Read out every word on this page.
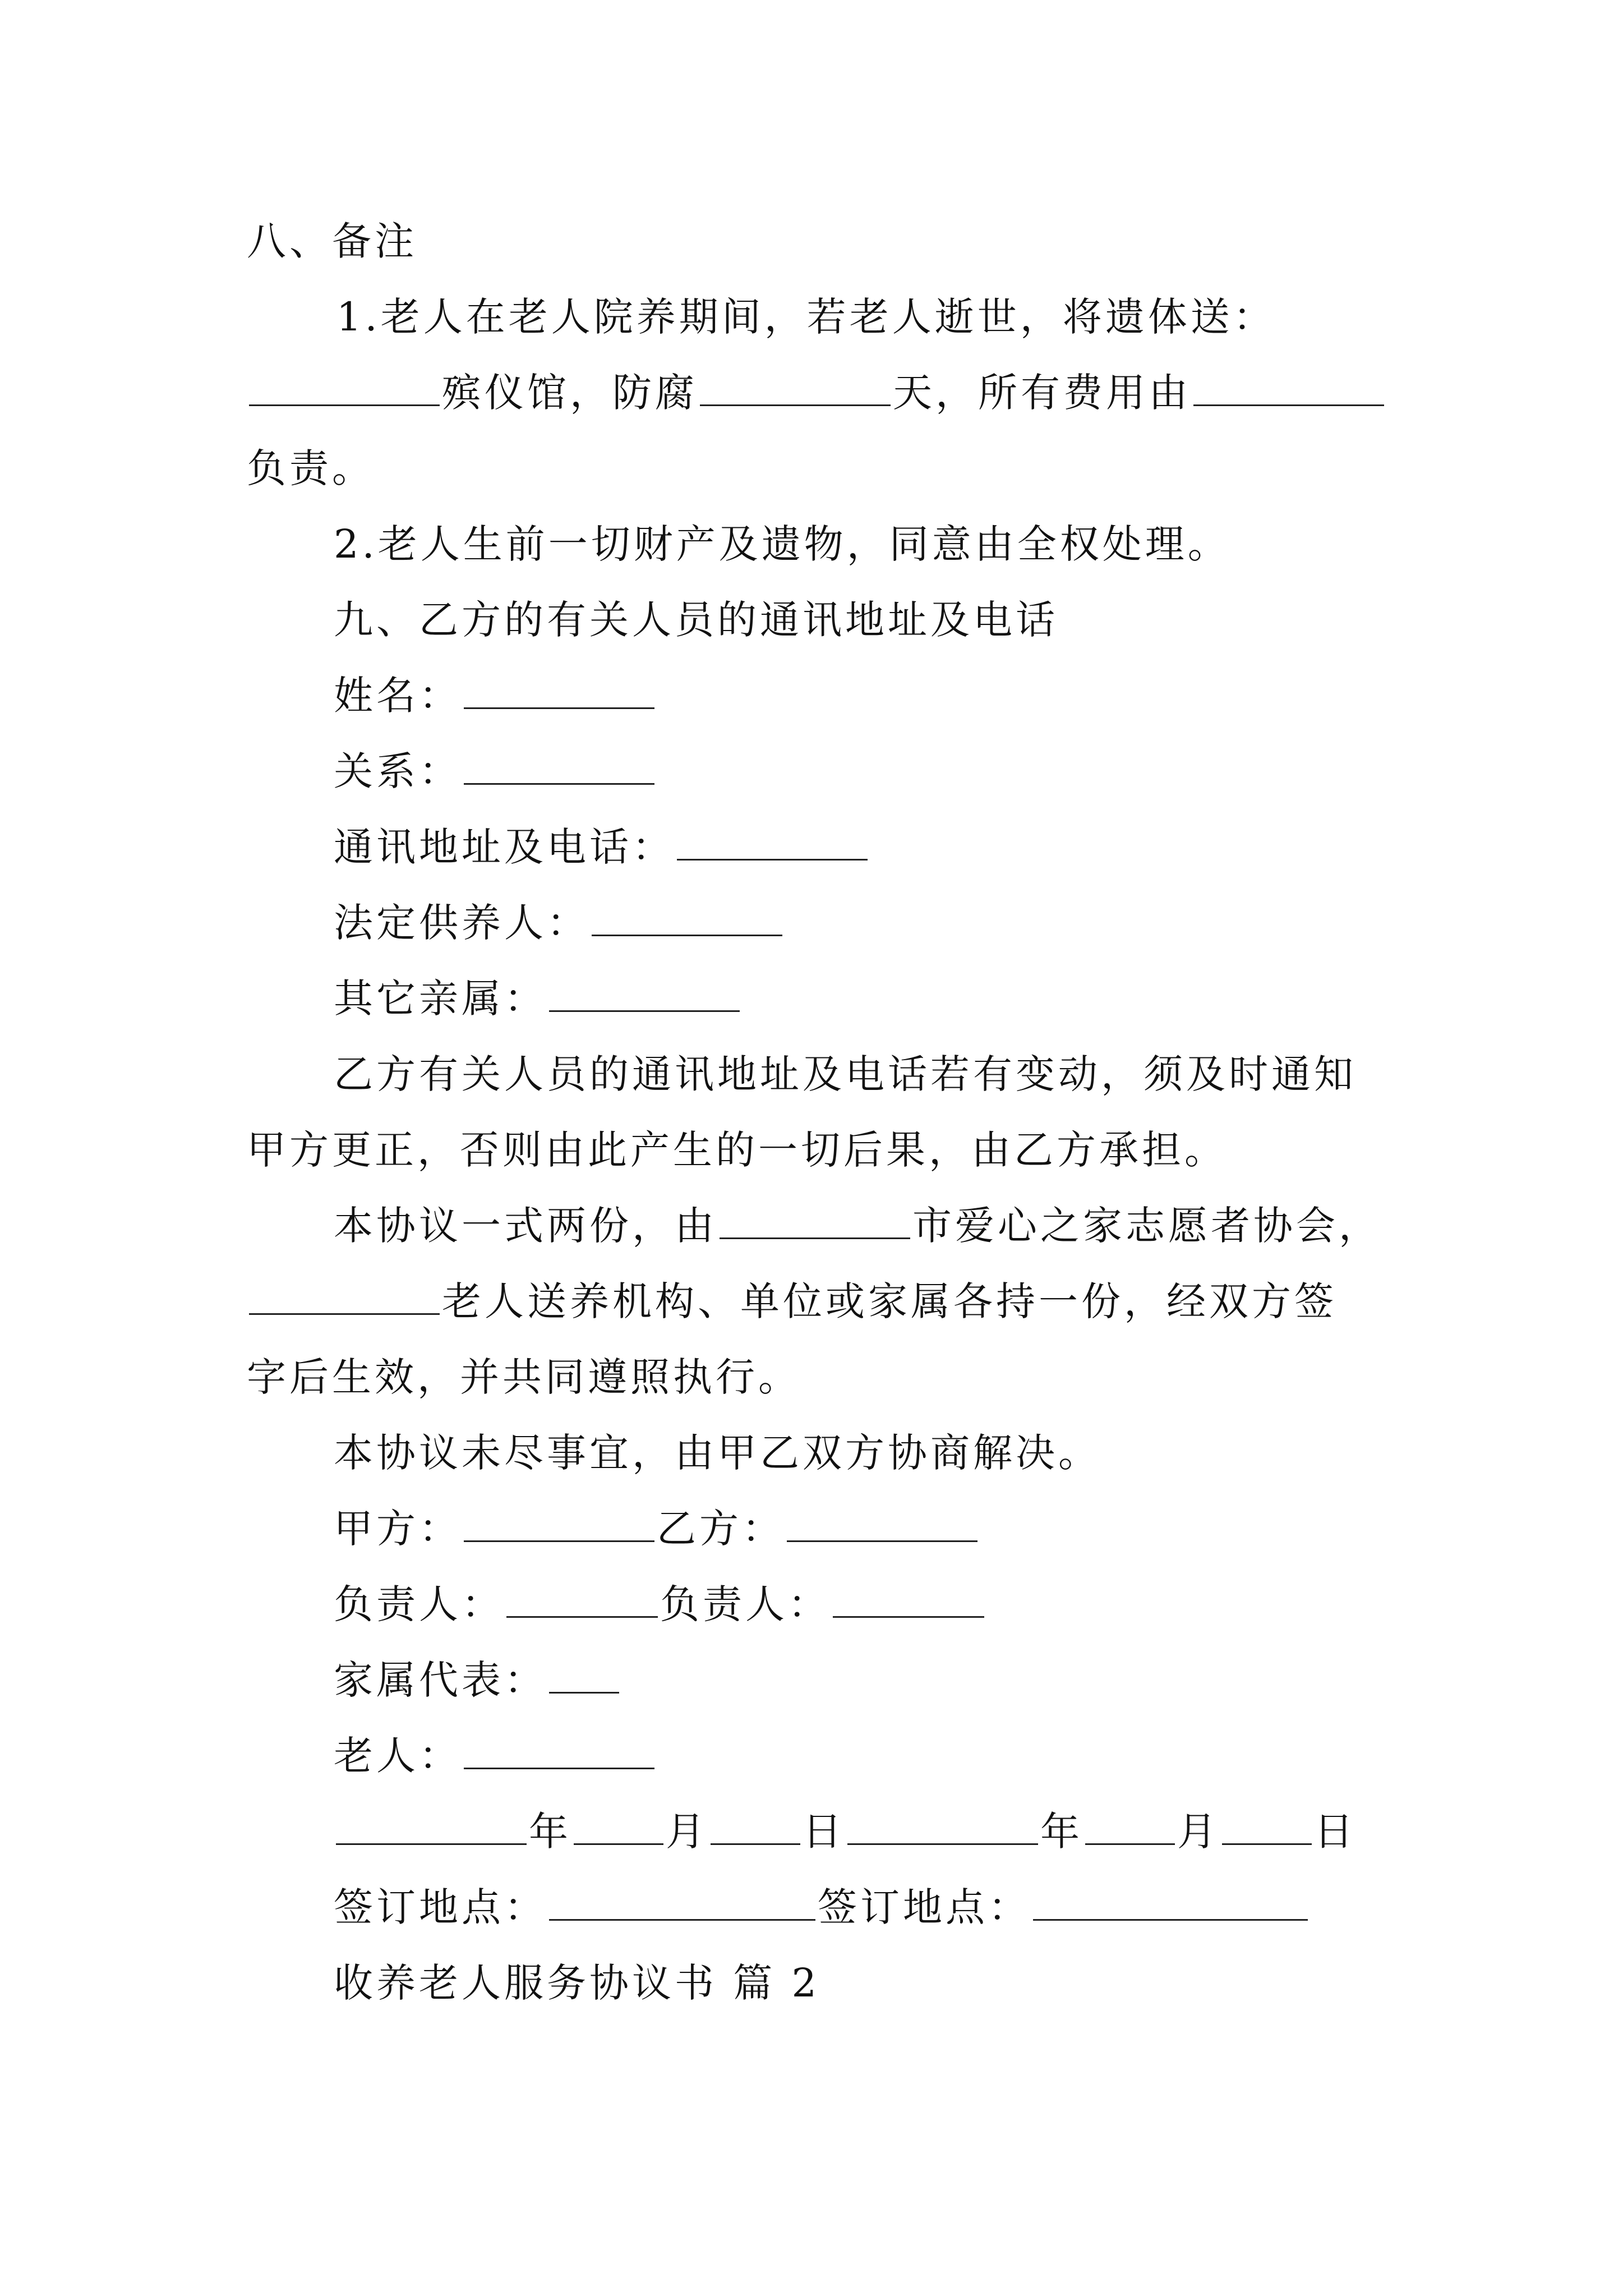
八、备注
1.老人在老人院养期间，若老人逝世，将遗体送：
殡仪馆，防腐	天，所有费用由
负责。
2.老人生前一切财产及遗物，同意由全权处理。
九、乙方的有关人员的通讯地址及电话
姓名：
关系：
通讯地址及电话：
法定供养人：
其它亲属：
乙方有关人员的通讯地址及电话若有变动，须及时通知
甲方更正，否则由此产生的一切后果，由乙方承担。
本协议一式两份，由	市爱心之家志愿者协会，
老人送养机构、单位或家属各持一份，经双方签
字后生效，并共同遵照执行。
本协议未尽事宜，由甲乙双方协商解决。
甲方：	乙方：
负责人：	负责人：
家属代表：
老人：
年 月 日	年 月 日
签订地点：	签订地点：
收养老人服务协议书 篇 2
